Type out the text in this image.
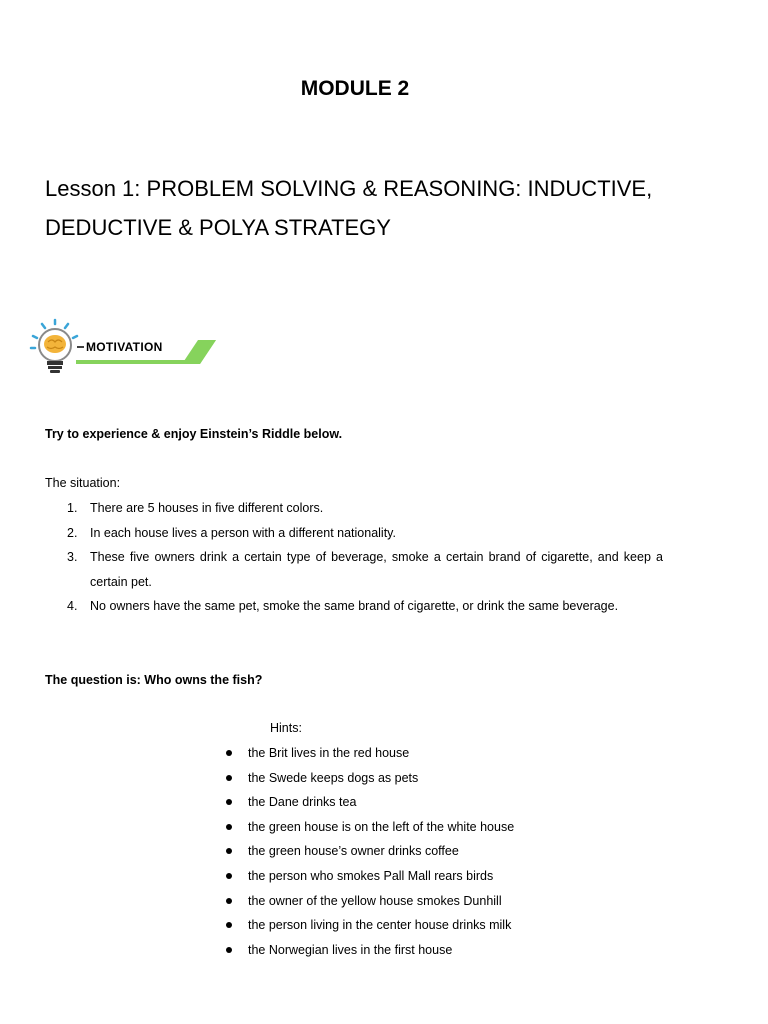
MODULE 2
Lesson 1: PROBLEM SOLVING & REASONING: INDUCTIVE,
DEDUCTIVE & POLYA STRATEGY
MOTIVATION
Try to experience & enjoy Einstein’s Riddle below.
The situation:
1. There are 5 houses in five different colors.
2. In each house lives a person with a different nationality.
3. These five owners drink a certain type of beverage, smoke a certain brand of cigarette, and keep a certain pet.
4. No owners have the same pet, smoke the same brand of cigarette, or drink the same beverage.
The question is: Who owns the fish?
Hints:
the Brit lives in the red house
the Swede keeps dogs as pets
the Dane drinks tea
the green house is on the left of the white house
the green house’s owner drinks coffee
the person who smokes Pall Mall rears birds
the owner of the yellow house smokes Dunhill
the person living in the center house drinks milk
the Norwegian lives in the first house
